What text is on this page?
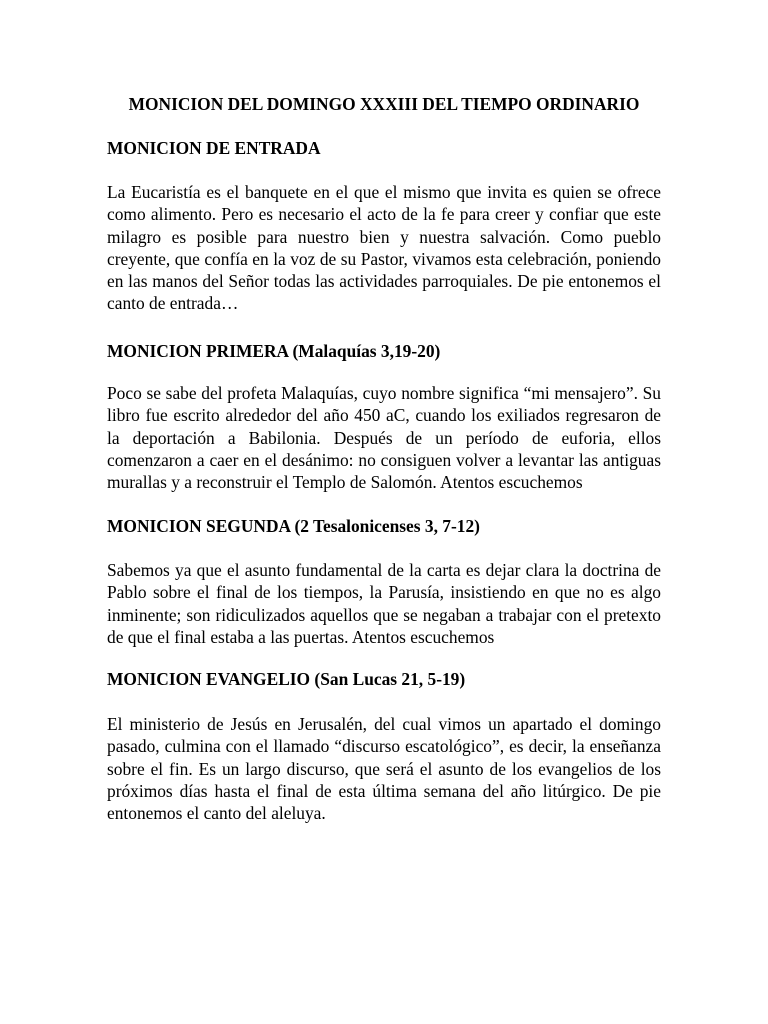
MONICION DEL DOMINGO XXXIII DEL TIEMPO ORDINARIO
MONICION DE ENTRADA

La Eucaristía es el banquete en el que el mismo que invita es quien se ofrece como alimento. Pero es necesario el acto de la fe para creer y confiar que este milagro es posible para nuestro bien y nuestra salvación. Como pueblo creyente, que confía en la voz de su Pastor, vivamos esta celebración, poniendo en las manos del Señor todas las actividades parroquiales. De pie entonemos el canto de entrada…

MONICION PRIMERA (Malaquías 3,19-20)

Poco se sabe del profeta Malaquías, cuyo nombre significa “mi mensajero”. Su libro fue escrito alrededor del año 450 aC, cuando los exiliados regresaron de la deportación a Babilonia. Después de un período de euforia, ellos comenzaron a caer en el desánimo: no consiguen volver a levantar las antiguas murallas y a reconstruir el Templo de Salomón. Atentos escuchemos

MONICION SEGUNDA (2 Tesalonicenses 3, 7-12)

Sabemos ya que el asunto fundamental de la carta es dejar clara la doctrina de Pablo sobre el final de los tiempos, la Parusía, insistiendo en que no es algo inminente; son ridiculizados aquellos que se negaban a trabajar con el pretexto de que el final estaba a las puertas. Atentos escuchemos

MONICION EVANGELIO (San Lucas 21, 5-19)

El ministerio de Jesús en Jerusalén, del cual vimos un apartado el domingo pasado, culmina con el llamado “discurso escatológico”, es decir, la enseñanza sobre el fin. Es un largo discurso, que será el asunto de los evangelios de los próximos días hasta el final de esta última semana del año litúrgico. De pie entonemos el canto del aleluya.
